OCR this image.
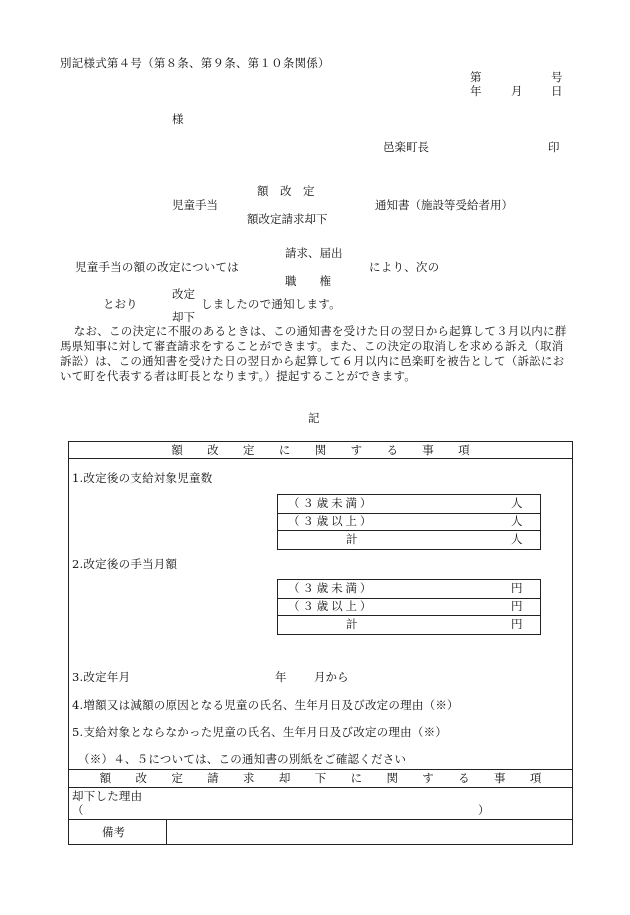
別記様式第４号（第８条、第９条、第１０条関係）
第	号
年	月 日
様
邑楽町長	印
額　改　定
児童手当	通知書（施設等受給者用）
額改定請求却下
請求、届出
児童手当の額の改定については	により、次の
職　　権
改定
とおり	しましたので通知します。
却下
なお、この決定に不服のあるときは、この通知書を受けた日の翌日から起算して３月以内に群馬県知事に対して審査請求をすることができます。また、この決定の取消しを求める訴え（取消訴訟）は、この通知書を受けた日の翌日から起算して６月以内に邑楽町を被告として（訴訟において町を代表する者は町長となります。）提起することができます。
記
額 改 定 に 関 す る 事 項
1.改定後の支給対象児童数
（３歳未満）	人
（３歳以上）	人
計	人
2.改定後の手当月額
（３歳未満）	円
（３歳以上）	円
計	円
3.改定年月	年 月から
4.増額又は減額の原因となる児童の氏名、生年月日及び改定の理由（※）
5.支給対象とならなかった児童の氏名、生年月日及び改定の理由（※）
（※）４、５については、この通知書の別紙をご確認ください
額 改 定 請 求 却 下 に 関 す る 事 項
却下した理由
（	）
備考
